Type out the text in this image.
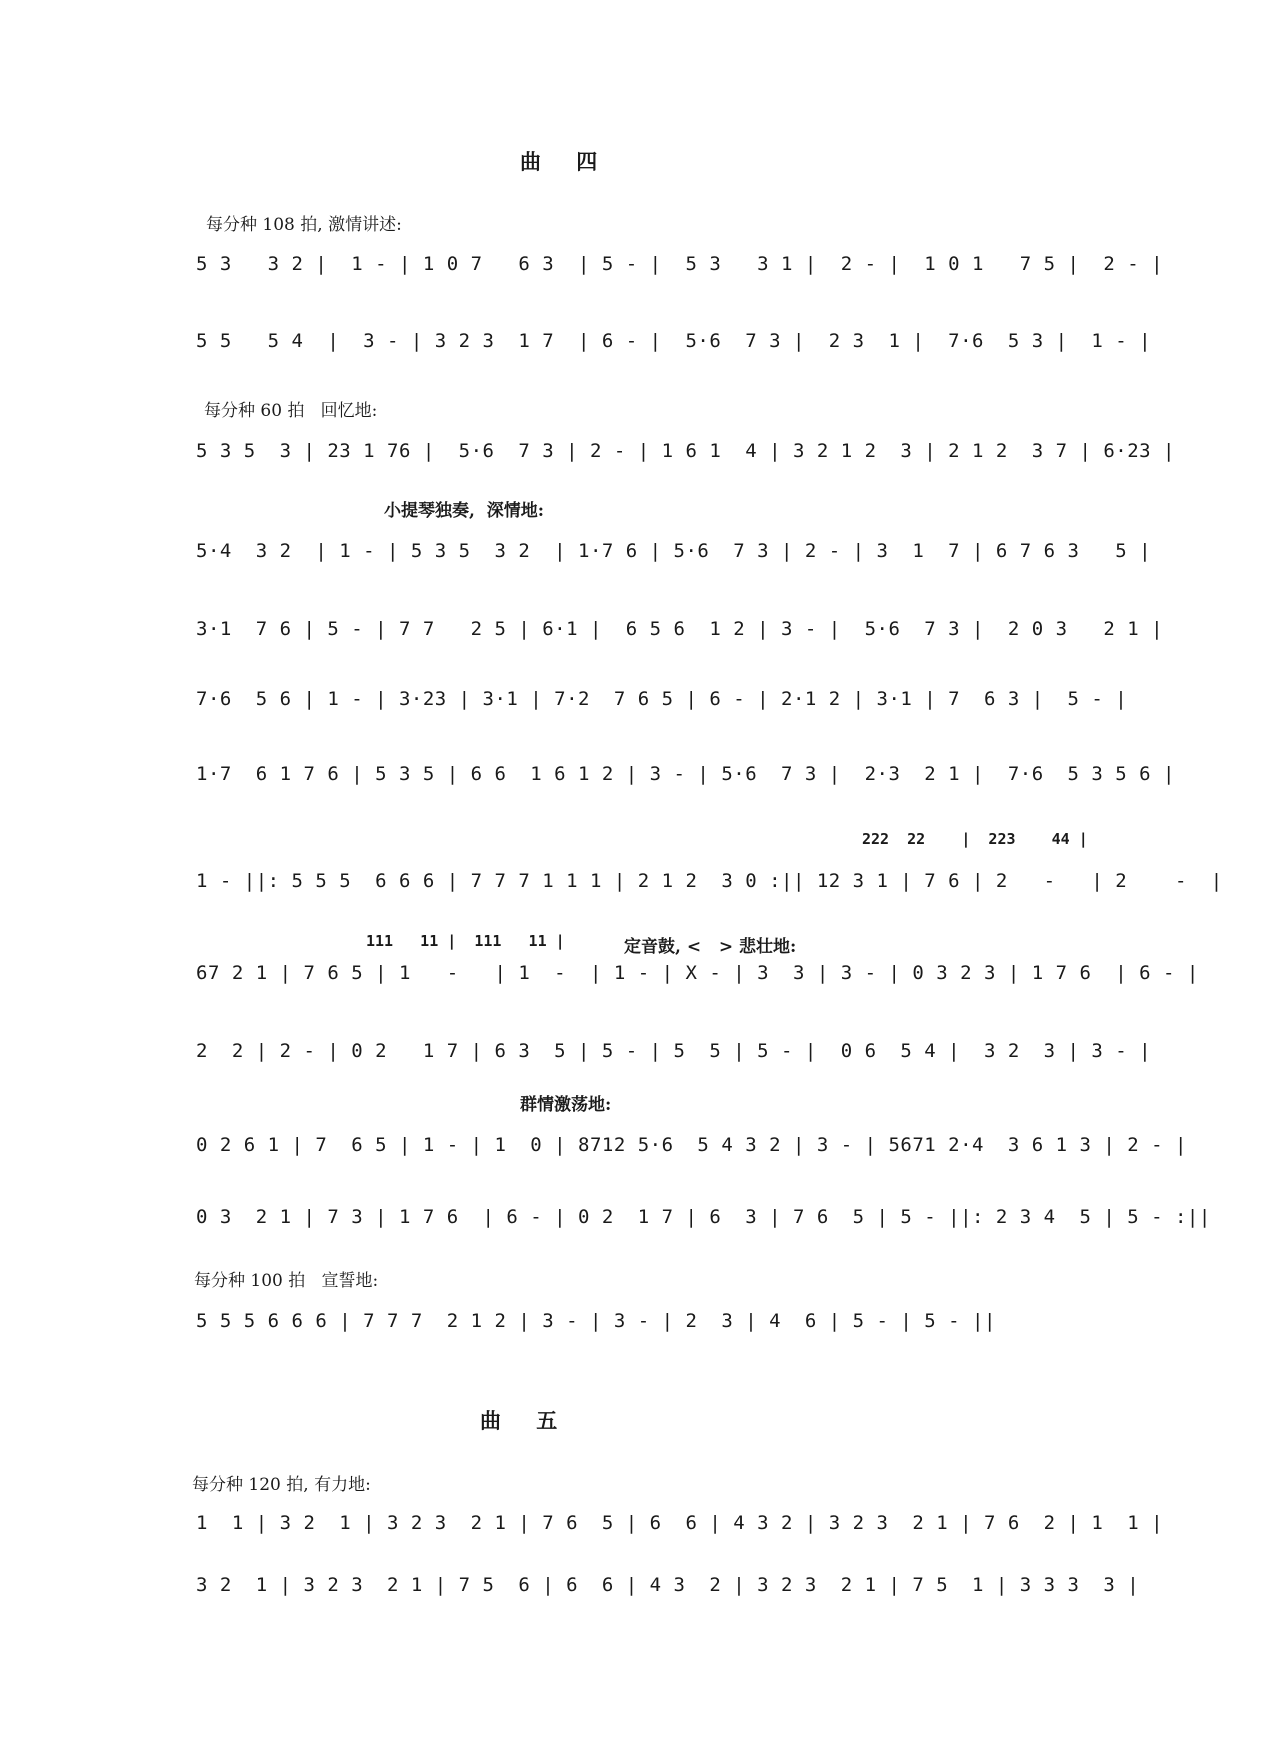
曲 四
每分种 108 拍, 激情讲述:
5 3   3 2 |  1 - | 1 0 7   6 3  | 5 - |  5 3   3 1 |  2 - |  1 0 1   7 5 |  2 - |
5 5   5 4  |  3 - | 3 2 3  1 7  | 6 - |  5·6  7 3 |  2 3  1 |  7·6  5 3 |  1 - |
每分种 60 拍   回忆地:
5 3 5  3 | 23 1 76 |  5·6  7 3 | 2 - | 1 6 1  4 | 3 2 1 2  3 | 2 1 2  3 7 | 6·23 |
小提琴独奏,  深情地:
5·4  3 2  | 1 - | 5 3 5  3 2  | 1·7 6 | 5·6  7 3 | 2 - | 3  1  7 | 6 7 6 3   5 |
3·1  7 6 | 5 - | 7 7   2 5 | 6·1 |  6 5 6  1 2 | 3 - |  5·6  7 3 |  2 0 3   2 1 |
7·6  5 6 | 1 - | 3·23 | 3·1 | 7·2  7 6 5 | 6 - | 2·1 2 | 3·1 | 7  6 3 |  5 - |
1·7  6 1 7 6 | 5 3 5 | 6 6  1 6 1 2 | 3 - | 5·6  7 3 |  2·3  2 1 |  7·6  5 3 5 6 |
222  22    |  223    44 |
1 - ||: 5 5 5  6 6 6 | 7 7 7 1 1 1 | 2 1 2  3 0 :|| 12 3 1 | 7 6 | 2   -   | 2    -  |
111   11 |  111   11 |	定音鼓, <   > 悲壮地:
67 2 1 | 7 6 5 | 1   -   | 1  -  | 1 - | X - | 3  3 | 3 - | 0 3 2 3 | 1 7 6  | 6 - |
2  2 | 2 - | 0 2   1 7 | 6 3  5 | 5 - | 5  5 | 5 - |  0 6  5 4 |  3 2  3 | 3 - |
群情激荡地:
0 2 6 1 | 7  6 5 | 1 - | 1  0 | 8712 5·6  5 4 3 2 | 3 - | 5671 2·4  3 6 1 3 | 2 - |
0 3  2 1 | 7 3 | 1 7 6  | 6 - | 0 2  1 7 | 6  3 | 7 6  5 | 5 - ||: 2 3 4  5 | 5 - :||
每分种 100 拍   宣誓地:
5 5 5 6 6 6 | 7 7 7  2 1 2 | 3 - | 3 - | 2  3 | 4  6 | 5 - | 5 - ||
曲 五
每分种 120 拍, 有力地:
1  1 | 3 2  1 | 3 2 3  2 1 | 7 6  5 | 6  6 | 4 3 2 | 3 2 3  2 1 | 7 6  2 | 1  1 |
3 2  1 | 3 2 3  2 1 | 7 5  6 | 6  6 | 4 3  2 | 3 2 3  2 1 | 7 5  1 | 3 3 3  3 |
